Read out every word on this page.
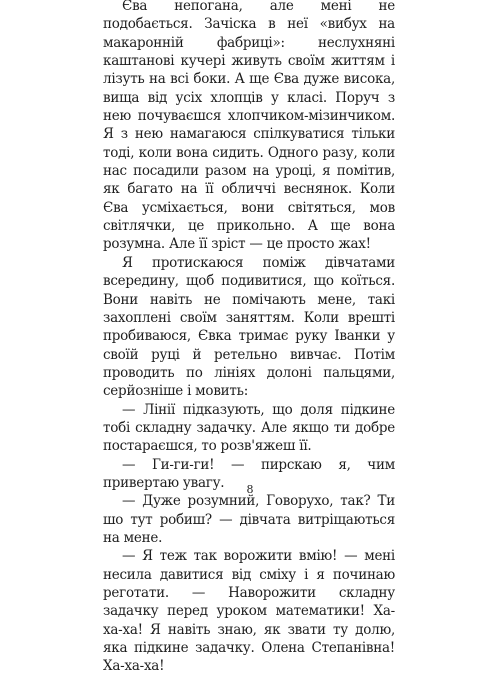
Єва непогана, але мені не подобається. Зачіска в неї «вибух на макаронній фабриці»: неслухняні каштанові кучері живуть своїм життям і лізуть на всі боки. А ще Єва дуже висока, вища від усіх хлопців у класі. Поруч з нею почуваєшся хлопчиком-мізинчиком. Я з нею намагаюся спілкуватися тільки тоді, коли вона сидить. Одного разу, коли нас посадили разом на уроці, я помітив, як багато на її обличчі веснянок. Коли Єва усміхається, вони світяться, мов світлячки, це прикольно. А ще вона розумна. Але її зріст — це просто жах!

Я протискаюся поміж дівчатами всередину, щоб подивитися, що коїться. Вони навіть не помічають мене, такі захоплені своїм заняттям. Коли врешті пробиваюся, Євка тримає руку Іванки у своїй руці й ретельно вивчає. Потім проводить по лініях долоні пальцями, серйозніше і мовить:

— Лінії підказують, що доля підкине тобі складну задачку. Але якщо ти добре постараєшся, то розв'яжеш її.

— Ги-ги-ги! — пирскаю я, чим привертаю увагу.

— Дуже розумний, Говорухо, так? Ти шо тут робиш? — дівчата витріщаються на мене.

— Я теж так ворожити вмію! — мені несила давитися від сміху і я починаю реготати. — Наворожити складну задачку перед уроком математики! Ха-ха-ха! Я навіть знаю, як звати ту долю, яка підкине задачку. Олена Степанівна! Ха-ха-ха!

8
